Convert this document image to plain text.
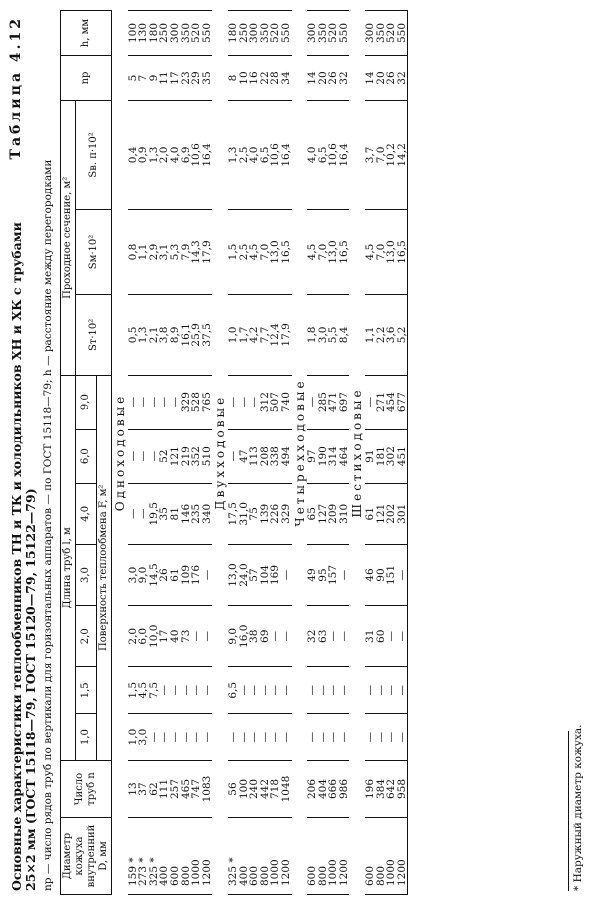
Основные характеристики теплообменников ТН и ТК и холодильников ХН и ХК с трубами 25×2 мм (ГОСТ 15118—79, ГОСТ 15120—79, 15122—79)
Таблица 4.12
nр — число рядов труб по вертикали для горизонтальных аппаратов — по ГОСТ 15118—79; h — расстояние между перегородками Диаметр кожуха внутренний D, мм	Число труб n	Длина труб l, м							Проходное сечение, м²			nр	h, мм
		1,0	1,5	2,0	3,0	4,0	6,0	9,0	Sт·10²	Sм·10²	Sв. п·10²		
		Поверхность теплообмена F, м²											
Одноходовые													
159 *	13	1,0	1,5	2,0	3,0	—	—	—	0,5	0,8	0,4	5	100
273 *	37	3,0	4,5	6,0	9,0	—	—	—	1,3	1,1	0,9	7	130
325 *	62	—	7,5	10,0	14,5	19,5	—	—	2,1	2,9	1,3	9	180
400	111	—	—	17	26	35	52	—	3,8	3,1	2,0	11	250
600	257	—	—	40	61	81	121	—	8,9	5,3	4,0	17	300
800	465	—	—	73	109	146	219	329	16,1	7,9	6,9	23	350
1000	747	—	—	—	176	235	352	528	25,9	14,3	10,6	29	520
1200	1083	—	—	—	—	340	510	765	37,5	17,9	16,4	35	550
Двухходовые													
325 *	56	—	6,5	9,0	13,0	17,5	—	—	1,0	1,5	1,3	8	180
400	100	—	—	16,0	24,0	31,0	47	—	1,7	2,5	2,5	10	250
600	240	—	—	38	57	75	113	—	4,2	4,5	4,0	16	300
800	442	—	—	69	104	139	208	312	7,7	7,0	6,5	22	350
1000	718	—	—	—	169	226	338	507	12,4	13,0	10,6	28	520
1200	1048	—	—	—	—	329	494	740	17,9	16,5	16,4	34	550
Четырехходовые													
600	206	—	—	32	49	65	97	—	1,8	4,5	4,0	14	300
800	404	—	—	63	95	127	190	285	3,0	7,0	6,5	20	350
1000	666	—	—	—	157	209	314	471	5,5	13,0	10,6	26	520
1200	986	—	—	—	—	310	464	697	8,4	16,5	16,4	32	550
Шестиходовые													
600	196	—	—	31	46	61	91	—	1,1	4,5	3,7	14	300
800	384	—	—	60	90	121	181	271	2,2	7,0	7,0	20	350
1000	642	—	—	—	151	202	302	454	3,6	13,0	10,2	26	520
1200	958	—	—	—	—	301	451	677	5,2	16,5	14,2	32	550
* Наружный диаметр кожуха.
